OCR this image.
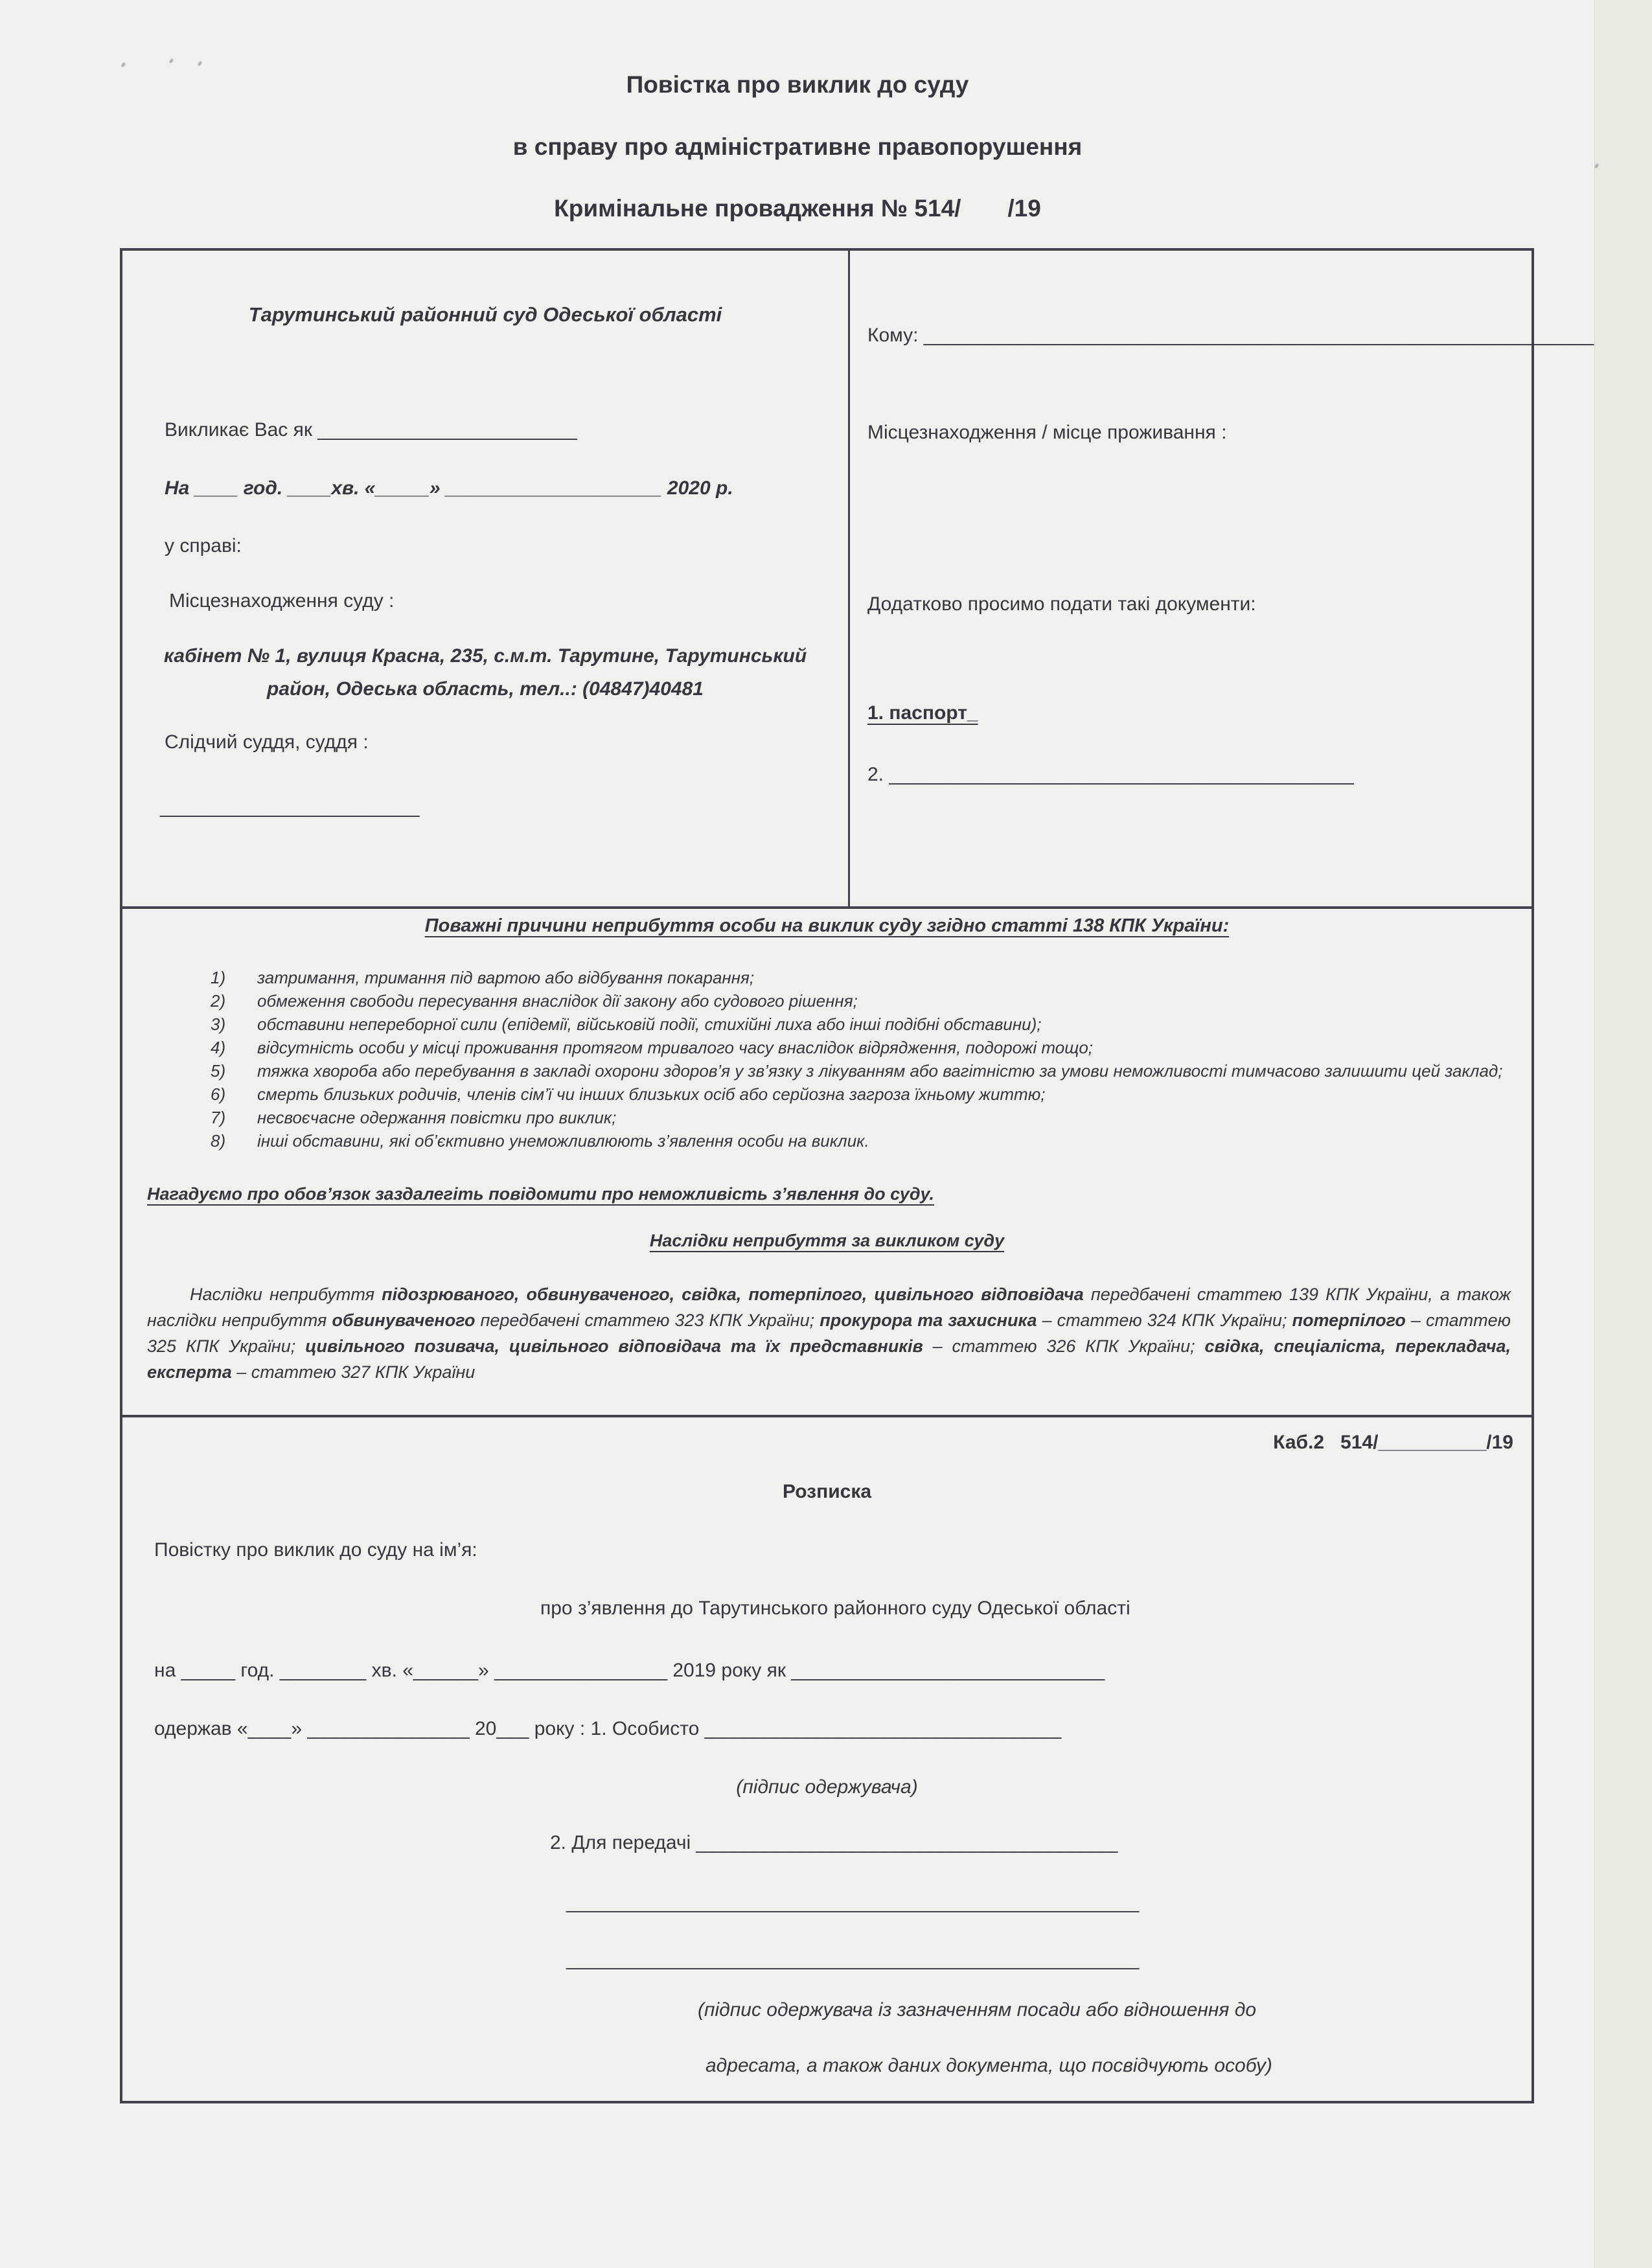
Повістка про виклик до суду
в справу про адміністративне правопорушення
Кримінальне провадження № 514/       /19
Тарутинський районний суд Одеської області
Викликає Вас як ________________________
На ____ год. ____хв. «_____» ____________________ 2020 р.
у справі:
Місцезнаходження суду :
кабінет № 1, вулиця Красна, 235, с.м.т. Тарутине, Тарутинський
район, Одеська область, тел..: (04847)40481
Слідчий суддя, суддя :
________________________
Кому: ______________________________________________________________
Місцезнаходження / місце проживання :
Додатково просимо подати такі документи:
1. паспорт_
2. ___________________________________________
Поважні причини неприбуття особи на виклик суду згідно статті 138 КПК України:
1)	затримання, тримання під вартою або відбування покарання;
2)	обмеження свободи пересування внаслідок дії закону або судового рішення;
3)	обставини непереборної сили (епідемії, військовій події, стихійні лиха або інші подібні обставини);
4)	відсутність особи у місці проживання протягом тривалого часу внаслідок відрядження, подорожі тощо;
5)	тяжка хвороба або перебування в закладі охорони здоров’я у зв’язку з лікуванням або вагітністю за умови неможливості тимчасово залишити цей заклад;
6)	смерть близьких родичів, членів сім’ї чи інших близьких осіб або серйозна загроза їхньому життю;
7)	несвоєчасне одержання повістки про виклик;
8)	інші обставини, які об’єктивно унеможливлюють з’явлення особи на виклик.
Нагадуємо про обов’язок заздалегіть повідомити про неможливість з’явлення до суду.
Наслідки неприбуття за викликом суду
Наслідки неприбуття підозрюваного, обвинуваченого, свідка, потерпілого, цивільного відповідача передбачені статтею 139 КПК України, а також наслідки неприбуття обвинуваченого передбачені статтею 323 КПК України; прокурора та захисника – статтею 324 КПК України; потерпілого – статтею 325 КПК України; цивільного позивача, цивільного відповідача та їх представників – статтею 326 КПК України; свідка, спеціаліста, перекладача, експерта – статтею 327 КПК України
Каб.2   514/__________/19
Розписка
Повістку про виклик до суду на ім’я:
про з’явлення до Тарутинського районного суду Одеської області
на _____ год. ________ хв. «______» ________________ 2019 року як _____________________________
одержав «____» _______________ 20___ року : 1. Особисто _________________________________
(підпис одержувача)
2. Для передачі _______________________________________
_____________________________________________________
_____________________________________________________
(підпис одержувача із зазначенням посади або відношення до
адресата, а також даних документа, що посвідчують особу)
